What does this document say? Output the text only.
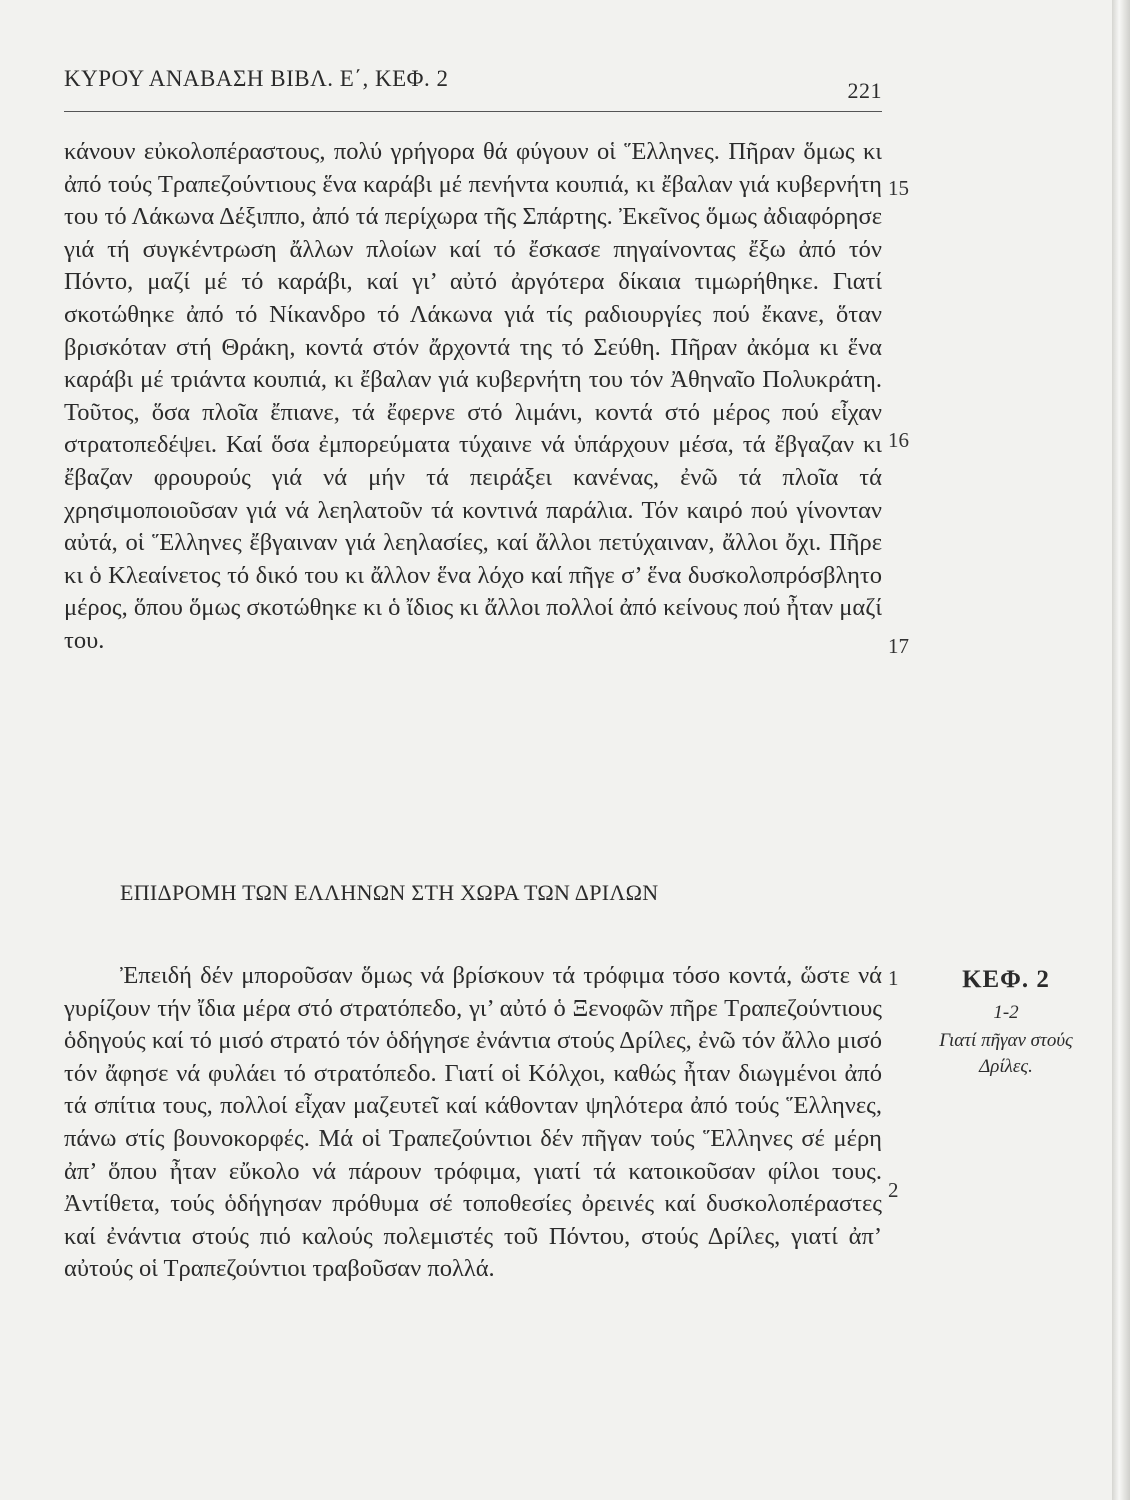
ΚΥΡΟΥ ΑΝΑΒΑΣΗ ΒΙΒΛ. Ε΄, ΚΕΦ. 2	221

κάνουν εὐκολοπέραστους, πολύ γρήγορα θά φύγουν οἱ Ἕλληνες. Πῆραν ὅμως κι ἀπό τούς Τραπεζούντιους ἕνα καράβι μέ πενήντα κουπιά, κι ἔβαλαν γιά κυβερνήτη του τό Λάκωνα Δέξιππο, ἀπό τά περίχωρα τῆς Σπάρτης. Ἐκεῖνος ὅμως ἀδιαφόρησε γιά τή συγκέντρωση ἄλλων πλοίων καί τό ἔσκασε πηγαίνοντας ἔξω ἀπό τόν Πόντο, μαζί μέ τό καράβι, καί γι’ αὐτό ἀργότερα δίκαια τιμωρήθηκε. Γιατί σκοτώθηκε ἀπό τό Νίκανδρο τό Λάκωνα γιά τίς ραδιουργίες πού ἔκανε, ὅταν βρισκόταν στή Θράκη, κοντά στόν ἄρχοντά της τό Σεύθη. Πῆραν ἀκόμα κι ἕνα καράβι μέ τριάντα κουπιά, κι ἔβαλαν γιά κυβερνήτη του τόν Ἀθηναῖο Πολυκράτη. Τοῦτος, ὅσα πλοῖα ἔπιανε, τά ἔφερνε στό λιμάνι, κοντά στό μέρος πού εἶχαν στρατοπεδέψει. Καί ὅσα ἐμπορεύματα τύχαινε νά ὑπάρχουν μέσα, τά ἔβγαζαν κι ἔβαζαν φρουρούς γιά νά μήν τά πειράξει κανένας, ἐνῶ τά πλοῖα τά χρησιμοποιοῦσαν γιά νά λεηλατοῦν τά κοντινά παράλια. Τόν καιρό πού γίνονταν αὐτά, οἱ Ἕλληνες ἔβγαιναν γιά λεηλασίες, καί ἄλλοι πετύχαιναν, ἄλλοι ὄχι. Πῆρε κι ὁ Κλεαίνετος τό δικό του κι ἄλλον ἕνα λόχο καί πῆγε σ’ ἕνα δυσκολοπρόσβλητο μέρος, ὅπου ὅμως σκοτώθηκε κι ὁ ἴδιος κι ἄλλοι πολλοί ἀπό κείνους πού ἦταν μαζί του.

ΕΠΙΔΡΟΜΗ ΤΩΝ ΕΛΛΗΝΩΝ ΣΤΗ ΧΩΡΑ ΤΩΝ ΔΡΙΛΩΝ

Ἐπειδή δέν μποροῦσαν ὅμως νά βρίσκουν τά τρόφιμα τόσο κοντά, ὥστε νά γυρίζουν τήν ἴδια μέρα στό στρατόπεδο, γι’ αὐτό ὁ Ξενοφῶν πῆρε Τραπεζούντιους ὁδηγούς καί τό μισό στρατό τόν ὁδήγησε ἐνάντια στούς Δρίλες, ἐνῶ τόν ἄλλο μισό τόν ἄφησε νά φυλάει τό στρατόπεδο. Γιατί οἱ Κόλχοι, καθώς ἦταν διωγμένοι ἀπό τά σπίτια τους, πολλοί εἶχαν μαζευτεῖ καί κάθονταν ψηλότερα ἀπό τούς Ἕλληνες, πάνω στίς βουνοκορφές. Μά οἱ Τραπεζούντιοι δέν πῆγαν τούς Ἕλληνες σέ μέρη ἀπ’ ὅπου ἦταν εὔκολο νά πάρουν τρόφιμα, γιατί τά κατοικοῦσαν φίλοι τους. Ἀντίθετα, τούς ὁδήγησαν πρόθυμα σέ τοποθεσίες ὀρεινές καί δυσκολοπέραστες καί ἐνάντια στούς πιό καλούς πολεμιστές τοῦ Πόντου, στούς Δρίλες, γιατί ἀπ’ αὐτούς οἱ Τραπεζούντιοι τραβοῦσαν πολλά.

15
16
17
1
2
ΚΕΦ. 2
1-2
Γιατί πῆγαν στούς Δρίλες.
